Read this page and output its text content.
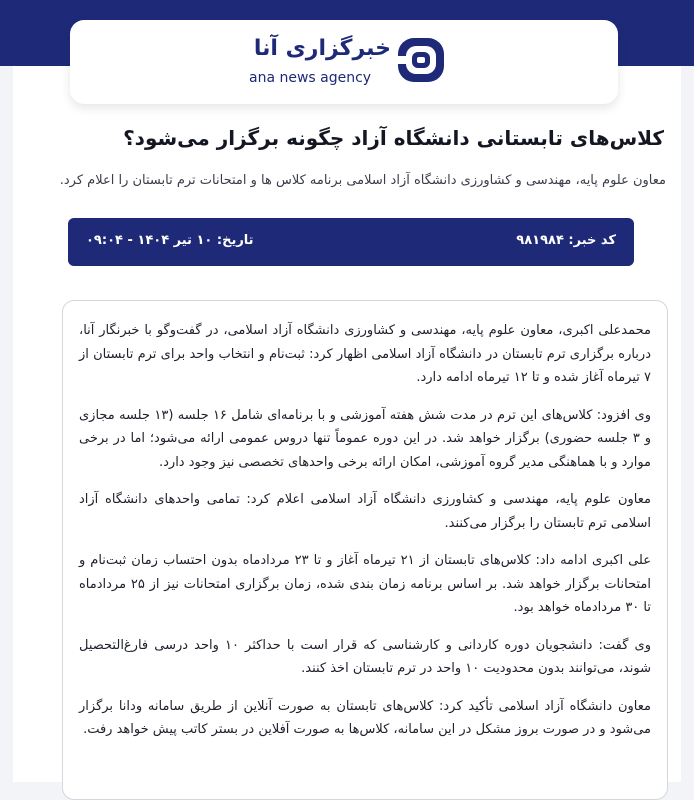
خبرگزاری آنا
ana news agency
کلاس‌های تابستانی دانشگاه آزاد چگونه برگزار می‌شود؟
معاون علوم پایه، مهندسی و کشاورزی دانشگاه آزاد اسلامی برنامه کلاس ها و امتحانات ترم تابستان را اعلام کرد.
کد خبر: ۹۸۱۹۸۴
تاریخ: ۱۰ تیر ۱۴۰۴ - ۰۹:۰۴

محمدعلی اکبری، معاون علوم پایه، مهندسی و کشاورزی دانشگاه آزاد اسلامی، در گفت‌وگو با خبرنگار آنا، درباره برگزاری ترم تابستان در دانشگاه آزاد اسلامی اظهار کرد: ثبت‌نام و انتخاب واحد برای ترم تابستان از ۷ تیرماه آغاز شده و تا ۱۲ تیرماه ادامه دارد.

وی افزود: کلاس‌های این ترم در مدت شش هفته آموزشی و با برنامه‌ای شامل ۱۶ جلسه (۱۳ جلسه مجازی و ۳ جلسه حضوری) برگزار خواهد شد. در این دوره عموماً تنها دروس عمومی ارائه می‌شود؛ اما در برخی موارد و با هماهنگی مدیر گروه آموزشی، امکان ارائه برخی واحدهای تخصصی نیز وجود دارد.

معاون علوم پایه، مهندسی و کشاورزی دانشگاه آزاد اسلامی اعلام کرد: تمامی واحدهای دانشگاه آزاد اسلامی ترم تابستان را برگزار می‌کنند.

علی اکبری ادامه داد: کلاس‌های تابستان از ۲۱ تیرماه آغاز و تا ۲۳ مردادماه بدون احتساب زمان ثبت‌نام و امتحانات برگزار خواهد شد. بر اساس برنامه زمان بندی شده، زمان برگزاری امتحانات نیز از ۲۵ مردادماه تا ۳۰ مردادماه خواهد بود.

وی گفت: دانشجویان دوره کاردانی و کارشناسی که قرار است با حداکثر ۱۰ واحد درسی فارغ‌التحصیل شوند، می‌توانند بدون محدودیت ۱۰ واحد در ترم تابستان اخذ کنند.

معاون دانشگاه آزاد اسلامی تأکید کرد: کلاس‌های تابستان به صورت آنلاین از طریق سامانه ودانا برگزار می‌شود و در صورت بروز مشکل در این سامانه، کلاس‌ها به صورت آفلاین در بستر کاتب پیش خواهد رفت.
